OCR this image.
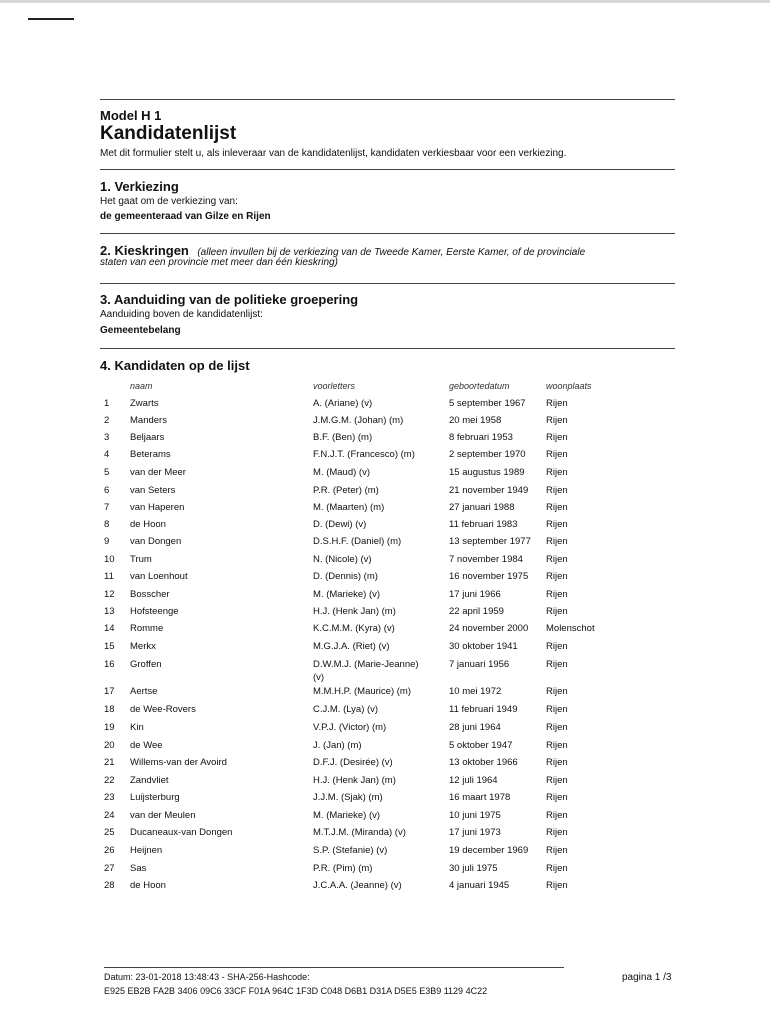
Model H 1
Kandidatenlijst
Met dit formulier stelt u, als inleveraar van de kandidatenlijst, kandidaten verkiesbaar voor een verkiezing.
1. Verkiezing
Het gaat om de verkiezing van:
de gemeenteraad van Gilze en Rijen
2. Kieskringen (alleen invullen bij de verkiezing van de Tweede Kamer, Eerste Kamer, of de provinciale
staten van een provincie met meer dan één kieskring)
3. Aanduiding van de politieke groepering
Aanduiding boven de kandidatenlijst:
Gemeentebelang
4. Kandidaten op de lijst
naam	voorletters	geboortedatum	woonplaats
1 Zwarts	A. (Ariane) (v)	5 september 1967 Rijen
2 Manders	J.M.G.M. (Johan) (m)	20 mei 1958	Rijen
3 Beljaars	B.F. (Ben) (m)	8 februari 1953	Rijen
4 Beterams	F.N.J.T. (Francesco) (m)	2 september 1970 Rijen
5 van der Meer	M. (Maud) (v)	15 augustus 1989 Rijen
6 van Seters	P.R. (Peter) (m)	21 november 1949 Rijen
7 van Haperen	M. (Maarten) (m)	27 januari 1988	Rijen
8 de Hoon	D. (Dewi) (v)	11 februari 1983	Rijen
9 van Dongen	D.S.H.F. (Daniel) (m)	13 september 1977 Rijen
10 Trum	N. (Nicole) (v)	7 november 1984 Rijen
11 van Loenhout	D. (Dennis) (m)	16 november 1975 Rijen
12 Bosscher	M. (Marieke) (v)	17 juni 1966	Rijen
13 Hofsteenge	H.J. (Henk Jan) (m)	22 april 1959	Rijen
14 Romme	K.C.M.M. (Kyra) (v)	24 november 2000 Molenschot
15 Merkx	M.G.J.A. (Riet) (v)	30 oktober 1941	Rijen
16 Groffen	D.W.M.J. (Marie-Jeanne)	7 januari 1956	Rijen
(v)
17 Aertse	M.M.H.P. (Maurice) (m)	10 mei 1972	Rijen
18 de Wee-Rovers	C.J.M. (Lya) (v)	11 februari 1949	Rijen
19 Kin	V.P.J. (Victor) (m)	28 juni 1964	Rijen
20 de Wee	J. (Jan) (m)	5 oktober 1947	Rijen
21 Willems-van der Avoird	D.F.J. (Desirée) (v)	13 oktober 1966	Rijen
22 Zandvliet	H.J. (Henk Jan) (m)	12 juli 1964	Rijen
23 Luijsterburg	J.J.M. (Sjak) (m)	16 maart 1978	Rijen
24 van der Meulen	M. (Marieke) (v)	10 juni 1975	Rijen
25 Ducaneaux-van Dongen	M.T.J.M. (Miranda) (v)	17 juni 1973	Rijen
26 Heijnen	S.P. (Stefanie) (v)	19 december 1969 Rijen
27 Sas	P.R. (Pim) (m)	30 juli 1975	Rijen
28 de Hoon	J.C.A.A. (Jeanne) (v)	4 januari 1945	Rijen
Datum: 23-01-2018 13:48:43 - SHA-256-Hashcode:
E925 EB2B FA2B 3406 09C6 33CF F01A 964C 1F3D C048 D6B1 D31A D5E5 E3B9 1129 4C22
pagina 1 /3
